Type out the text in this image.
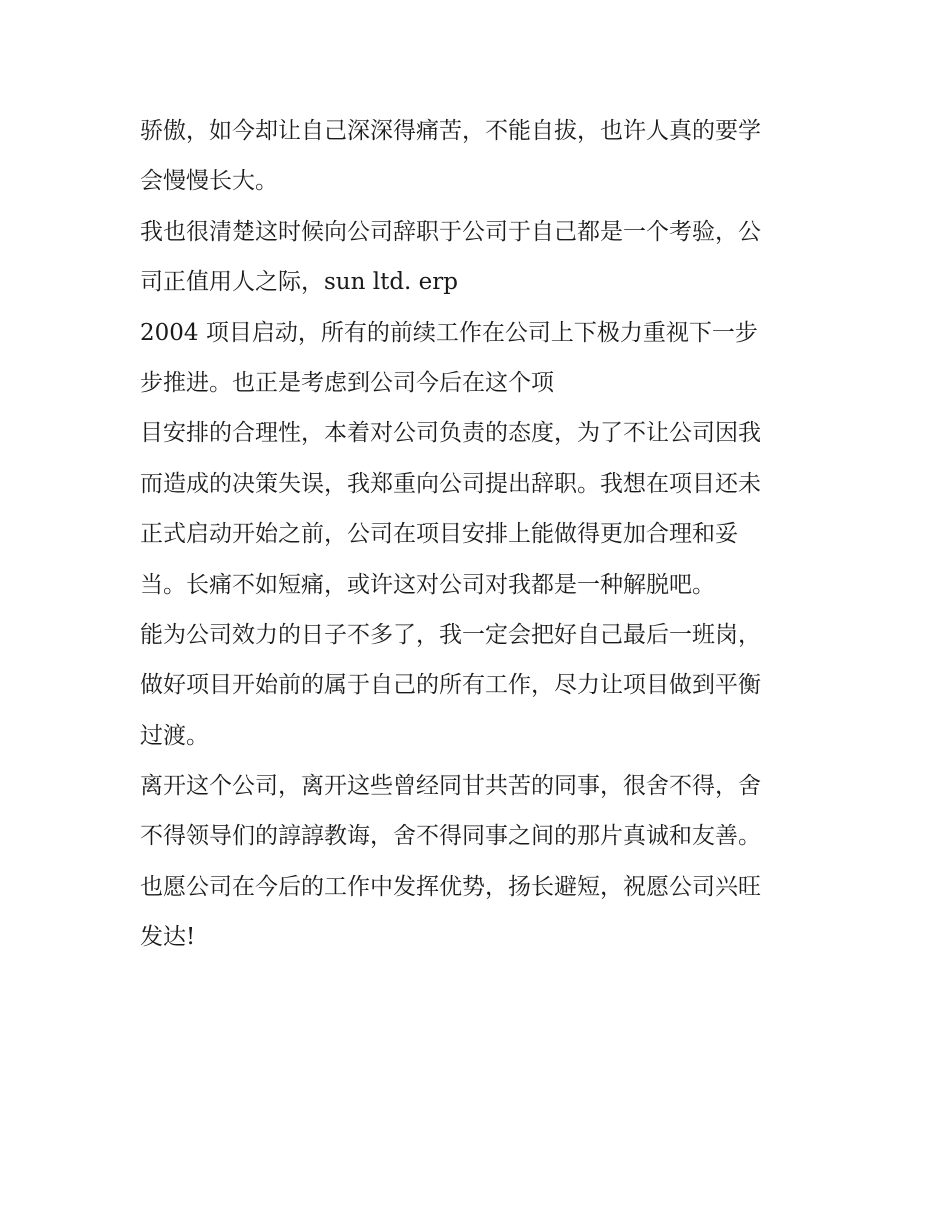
骄傲，如今却让自己深深得痛苦，不能自拔，也许人真的要学
会慢慢长大。
我也很清楚这时候向公司辞职于公司于自己都是一个考验，公
司正值用人之际，sun ltd. erp
2004 项目启动，所有的前续工作在公司上下极力重视下一步
步推进。也正是考虑到公司今后在这个项
目安排的合理性，本着对公司负责的态度，为了不让公司因我
而造成的决策失误，我郑重向公司提出辞职。我想在项目还未
正式启动开始之前，公司在项目安排上能做得更加合理和妥
当。长痛不如短痛，或许这对公司对我都是一种解脱吧。
能为公司效力的日子不多了，我一定会把好自己最后一班岗，
做好项目开始前的属于自己的所有工作，尽力让项目做到平衡
过渡。
离开这个公司，离开这些曾经同甘共苦的同事，很舍不得，舍
不得领导们的諄諄教诲，舍不得同事之间的那片真诚和友善。
也愿公司在今后的工作中发挥优势，扬长避短，祝愿公司兴旺
发达!
